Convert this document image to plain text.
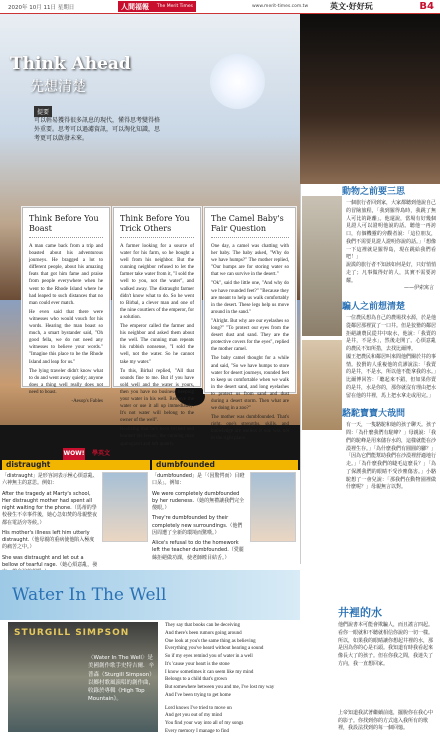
2020年 10月 11日 星期日	人間福報 The Merit Times	www.merit-times.com.tw	英文‧好好玩	B4
Think Ahead
先想清楚
提要
可以輕易獲得很多訊息的現代，懂得思考變得格外重要。思考可以過濾資訊，可以淘化知識，思考更可以啟發未來。
Think Before You Boast

A man came back from a trip and boasted about his adventurous journeys. He bragged a lot to different people, about his amazing feats that got him fame and praise from people everywhere when he went to the Rhode Island where he had leaped to such distances that no man could ever match.

He even said that there were witnesses who would vouch for his words. Hearing the man boast so much, a smart bystander said, "Oh good fella, we do not need any witnesses to believe your words." "Imagine this place to be the Rhode Island and leap for us."

The lying traveler didn't know what to do and went away quietly; anyone does a thing well really does not need to boast.

-Aesop's Fables

Think Before You Trick Others

A farmer looking for a source of water for his farm, so he bought a well from his neighbor. But the cunning neighbor refused to let the farmer take water from it, "I sold the well to you, not the water", and walked away. The distraught farmer didn't know what to do. So he went to Birbal, a clever man and one of the nine courtiers of the emperor, for a solution.

The emperor called the farmer and his neighbor and asked them about the well. The cunning man repeats his rubbish nonsense, "I sold the well, not the water. So he cannot take my water."

To this, Birbal replied, "All that sounds fine to me. But if you have sold well and the water is yours, then you have no business keeping your water in his well. Remove the water or use it all up immediately. It's not water will belong to the owner of the well".

Realizing that he's been tricked and learned his lesson, the cunning man apologized and left quietly.

The Camel Baby's Fair Question

One day, a camel was chatting with her baby. The baby asked, "Why do we have humps?" The mother replied, "Our humps are for storing water so that we can survive in the desert."

"Ok", said the little one, "And why do we have rounded feet?" "Because they are meant to help us walk comfortably in the desert. These legs help us move around in the sand."

"Alright. But why are our eyelashes so long?" "To protect our eyes from the desert dust and sand. They are the protective covers for the eyes", replied the mother camel.

The baby camel thought for a while and said, "So we have humps to store water for desert journeys, rounded feet to keep us comfortable when we walk in the desert sand, and long eyelashes to protect us from sand and dust during a desert storm. Then what are we doing in a zoo?"

The mother was dumbfounded. That's right, one's strengths, skills, and knowledge are useless if one was not in the right place.

WOW! 學英文
distraught

「distraught」是形容詞表示極心煩意亂、六神無主的意思。例如：

After the tragedy at Marty's school, Her distraught mother had spent all night waiting for the phone.（馬蒂的學校發生不幸事件後，她心急如焚的母親整夜都在電話旁等候。）

His mother's illness left him utterly distraught.（他母親的重病使他陷入極度的痛苦之中。）

She was distraught and let out a bellow of tearful rage.（她心煩意亂，發

dumbfounded

「dumbfounded」是「（因驚愕而）目瞪口呆」。例如：

We were completely dumbfounded by her rudeness.（她的無禮讓我們完全傻眼。）

They're dumbfounded by their completely new surroundings.（他們因周遭了全新的環境而驚嘆。）

Alice's refusal to do the homework left the teacher dumbfounded.（愛麗絲拒絕做功課，使老師瞠目結舌。）

動物之前要三思

一個旅行者回到家，大家都聽到他說自己的冒險旅程，「我到羅得島時，我跳了無人可比的距離」。他還說，當場有好幾個見證人可以證明他說的話。聽他一再誇口，有個機靈的旁觀者說：「這位朋友，我們不需要見證人證明你說的話。」「想像一下這裡就是羅得島，現在跳給我們看吧！」

說謊的旅行者不知該如何是好，只好悄悄走了；凡事做得好的人，其實不需要誇耀。

——伊索寓言

騙人之前想清楚

一位農民想為自己的農場找水源，於是他從鄰居那裡買了一口井。但是狡猾的鄰居拒絕讓農民從井中取水，他說：「我賣的是井，不是水」，然後走開了。心煩意亂的農民不知所措，去找比爾博。

國王把農民和鄰居叫來問他們關於井的事情。狡猾的人重複他的荒謬說法：「我賣的是井，不是水，所以他不能拿我的水。」比爾博回答：「聽起來不錯，但如果你賣的是井，水是你的，那你就沒有理由把水留在他的井裡，馬上把水拿走或用完。」

駱駝寶寶大哉問

有一天，一隻駱駝和她的孩子聊天。孩子問：「為什麼我們有駝峰？」母親說：「我們的駝峰是用來儲存水的，這樣就能在沙漠裡生存。」「為什麼我們有圓圓的腳？」「因為它們能幫助我們在沙漠裡舒適地行走。」「為什麼我們的睫毛這麼長？」「為了保護我們的眼睛不受沙塵傷害。」小駱駝想了一會兒說：「那我們在動物園裡做什麼呢？」母親無言以對。

Water In The Well
STURGILL SIMPSON
〈Water In The Well〉是美國創作歌手史特吉爾．辛普森（Sturgill Simpson）以鄉村歌風演唱的創作曲，收錄於專輯《High Top Mountain》。
They say that books can be deceiving
And there's been rumors going around
One look at you's the same thing as believing
Everything you've heard without hearing a sound
So if my eyes remind you of water in a well
It's 'cause your heart is the stone
I know sometimes it can seem like my mind
Belongs to a child that's grown
But somewhere between you and me, I've lost my way
And I've been trying to get home
Lord knows I've tried to move on
And get you out of my mind
You find your way into all of my songs
Every memory I manage to find
井裡的水

他們說書本可能會欺騙人，而且謠言四起。看你一眼就和不聽就相信你說的一切一樣。所以，如果我的眼睛讓你想起井裡的水，那是因為你的心是石頭。我知道有時我看起來像長大了的孩子。但在你我之間，我迷失了方向，我一直想回家。

上帝知道我試著繼續前進，擺脫你在我心中的影子。你找到你的方式進入我所有的歌裡，我設法找到的每一個回憶。
